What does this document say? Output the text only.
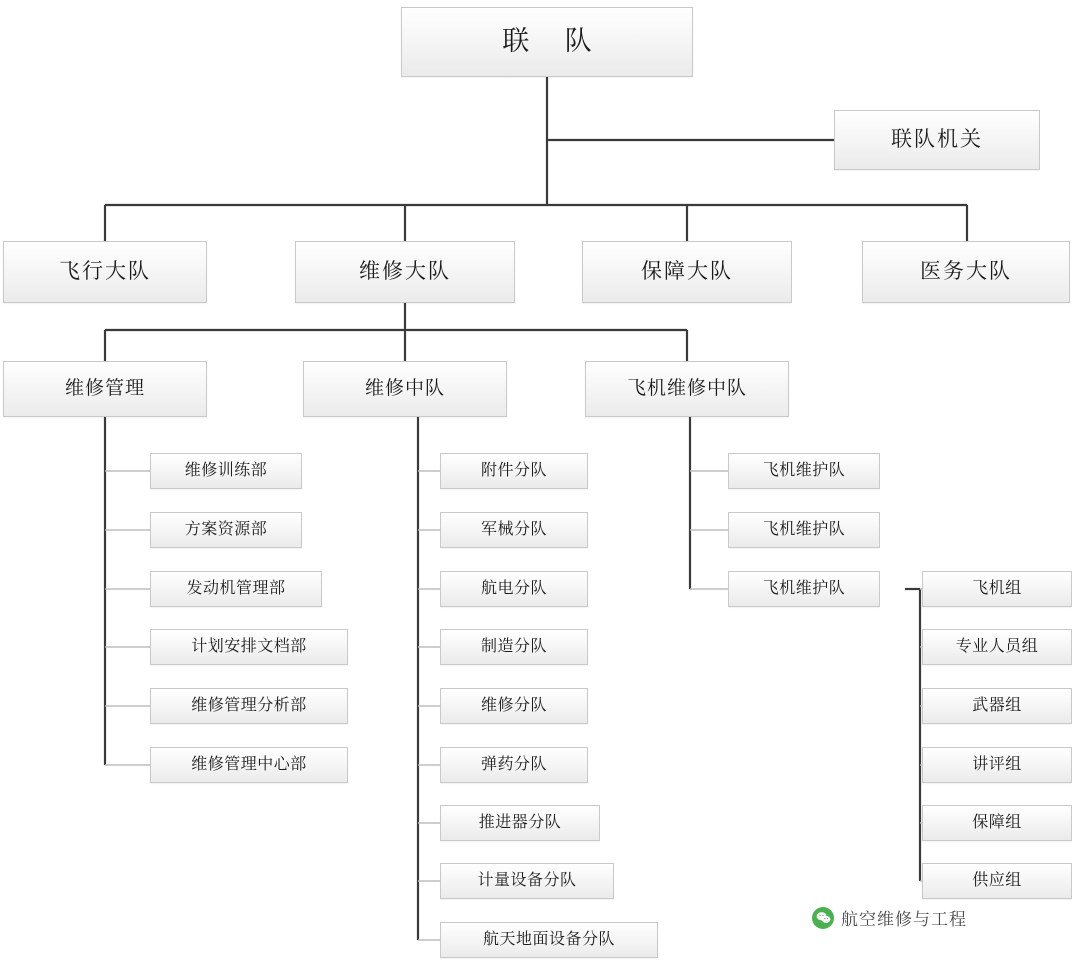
联 队
联队机关
飞行大队	维修大队	保障大队	医务大队
维修管理	维修中队	飞机维修中队
维修训练部
方案资源部
发动机管理部
计划安排文档部
维修管理分析部
维修管理中心部
附件分队
军械分队
航电分队
制造分队
维修分队
弹药分队
推进器分队
计量设备分队
航天地面设备分队
飞机维护队
飞机维护队
飞机维护队	飞机组
专业人员组
武器组
讲评组
保障组
供应组
航空维修与工程
